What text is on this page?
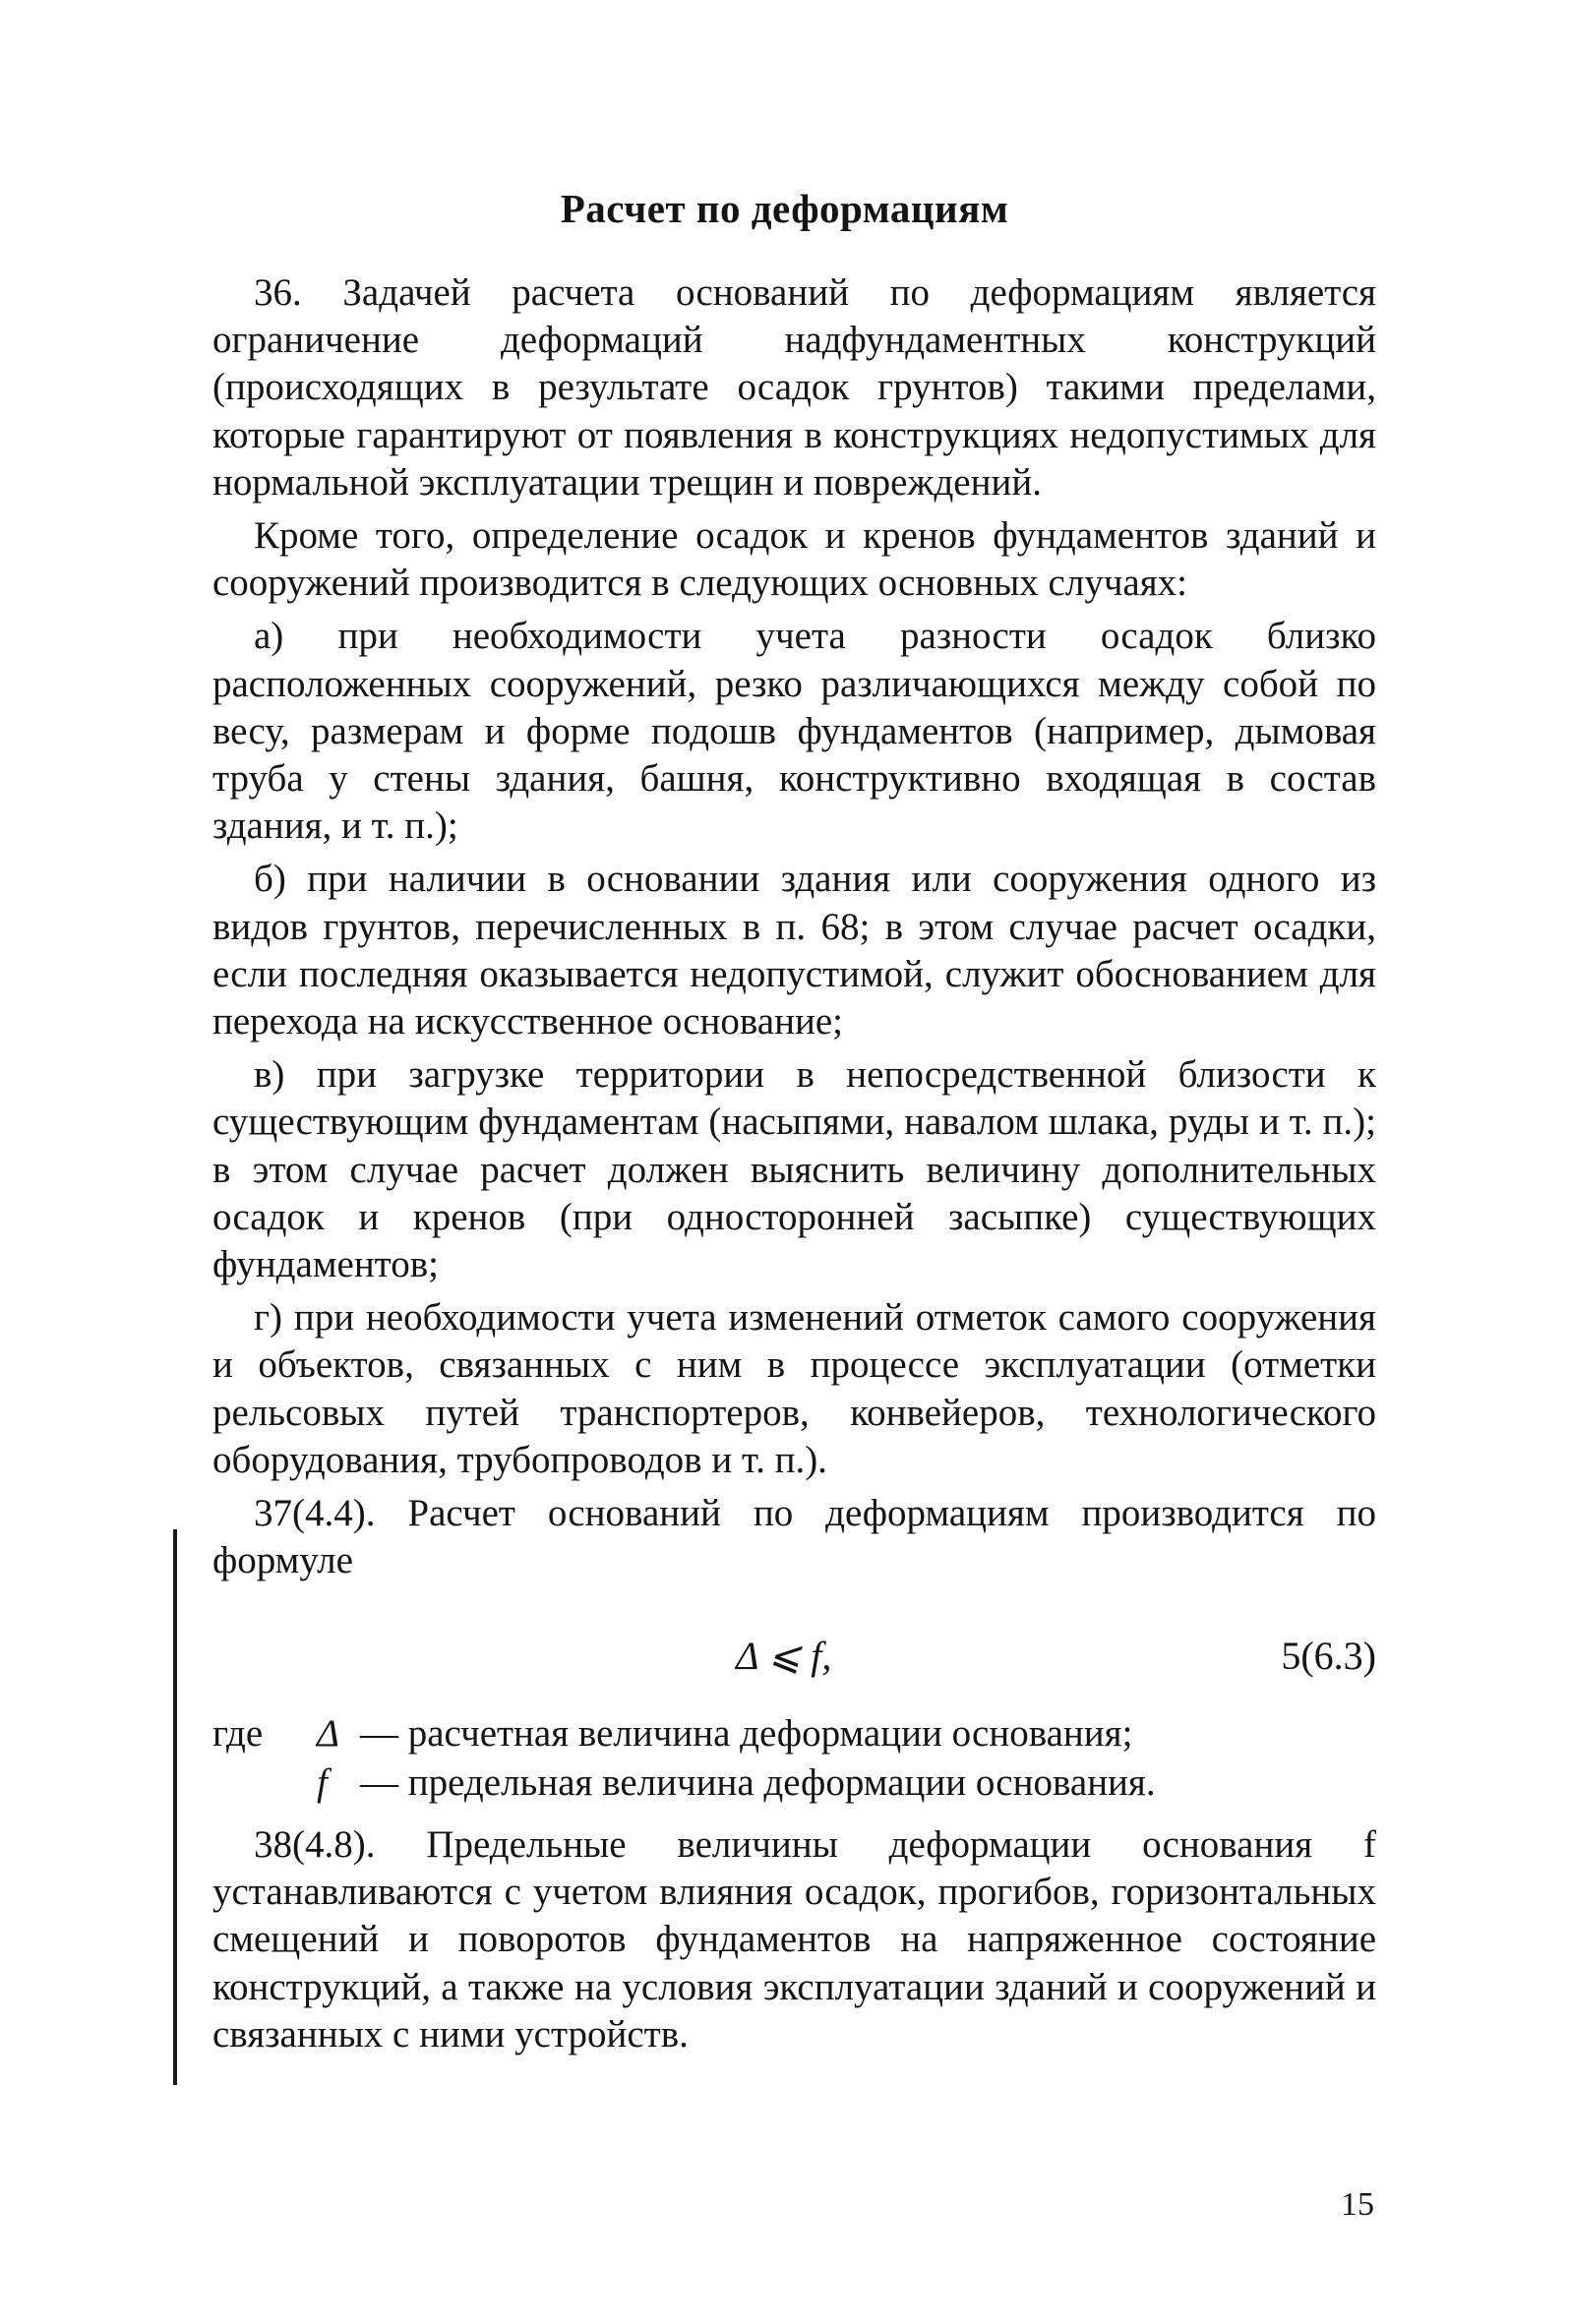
Расчет по деформациям

36. Задачей расчета оснований по деформациям является ограничение деформаций надфундаментных конструкций (происходящих в результате осадок грунтов) такими пределами, которые гарантируют от появления в конструкциях недопустимых для нормальной эксплуатации трещин и повреждений.

Кроме того, определение осадок и кренов фундаментов зданий и сооружений производится в следующих основных случаях:

а) при необходимости учета разности осадок близко расположенных сооружений, резко различающихся между собой по весу, размерам и форме подошв фундаментов (например, дымовая труба у стены здания, башня, конструктивно входящая в состав здания, и т. п.);

б) при наличии в основании здания или сооружения одного из видов грунтов, перечисленных в п. 68; в этом случае расчет осадки, если последняя оказывается недопустимой, служит обоснованием для перехода на искусственное основание;

в) при загрузке территории в непосредственной близости к существующим фундаментам (насыпями, навалом шлака, руды и т. п.); в этом случае расчет должен выяснить величину дополнительных осадок и кренов (при односторонней засыпке) существующих фундаментов;

г) при необходимости учета изменений отметок самого сооружения и объектов, связанных с ним в процессе эксплуатации (отметки рельсовых путей транспортеров, конвейеров, технологического оборудования, трубопроводов и т. п.).

37(4.4). Расчет оснований по деформациям производится по формуле

Δ ⩽ f,	5(6.3)
где	Δ — расчетная величина деформации основания;
f — предельная величина деформации основания.

38(4.8). Предельные величины деформации основания f устанавливаются с учетом влияния осадок, прогибов, горизонтальных смещений и поворотов фундаментов на напряженное состояние конструкций, а также на условия эксплуатации зданий и сооружений и связанных с ними устройств.

15
